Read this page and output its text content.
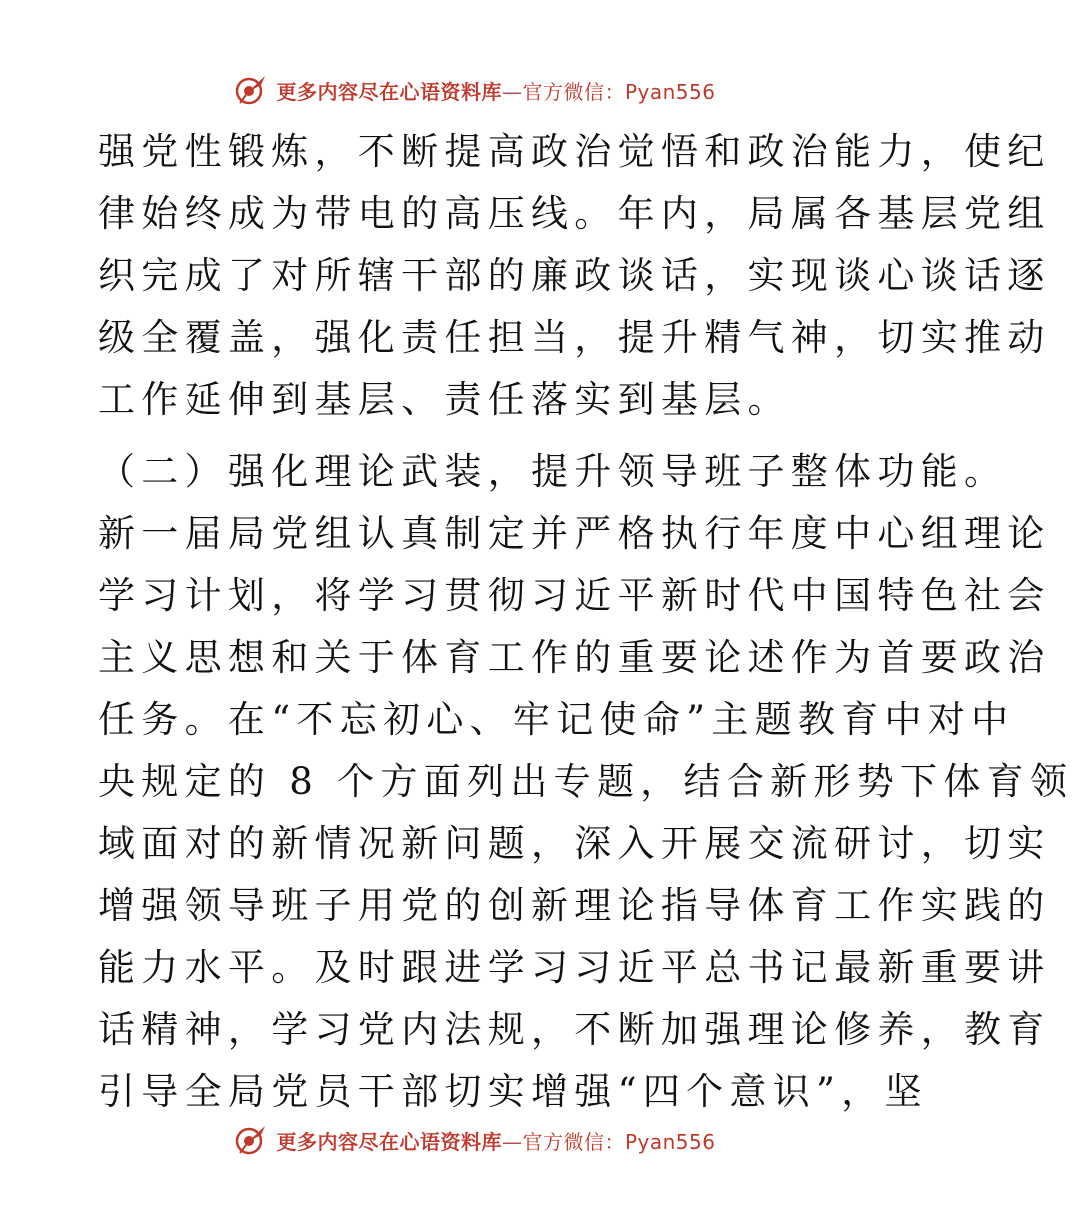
更多内容尽在心语资料库—官方微信：Pyan556
强党性锻炼，不断提高政治觉悟和政治能力，使纪
律始终成为带电的高压线。年内，局属各基层党组
织完成了对所辖干部的廉政谈话，实现谈心谈话逐
级全覆盖，强化责任担当，提升精气神，切实推动
工作延伸到基层、责任落实到基层。
（二）强化理论武装，提升领导班子整体功能。
新一届局党组认真制定并严格执行年度中心组理论
学习计划，将学习贯彻习近平新时代中国特色社会
主义思想和关于体育工作的重要论述作为首要政治
任务。在“不忘初心、牢记使命”主题教育中对中
央规定的 8 个方面列出专题，结合新形势下体育领
域面对的新情况新问题，深入开展交流研讨，切实
增强领导班子用党的创新理论指导体育工作实践的
能力水平。及时跟进学习习近平总书记最新重要讲
话精神，学习党内法规，不断加强理论修养，教育
引导全局党员干部切实增强“四个意识”，坚
更多内容尽在心语资料库—官方微信：Pyan556
